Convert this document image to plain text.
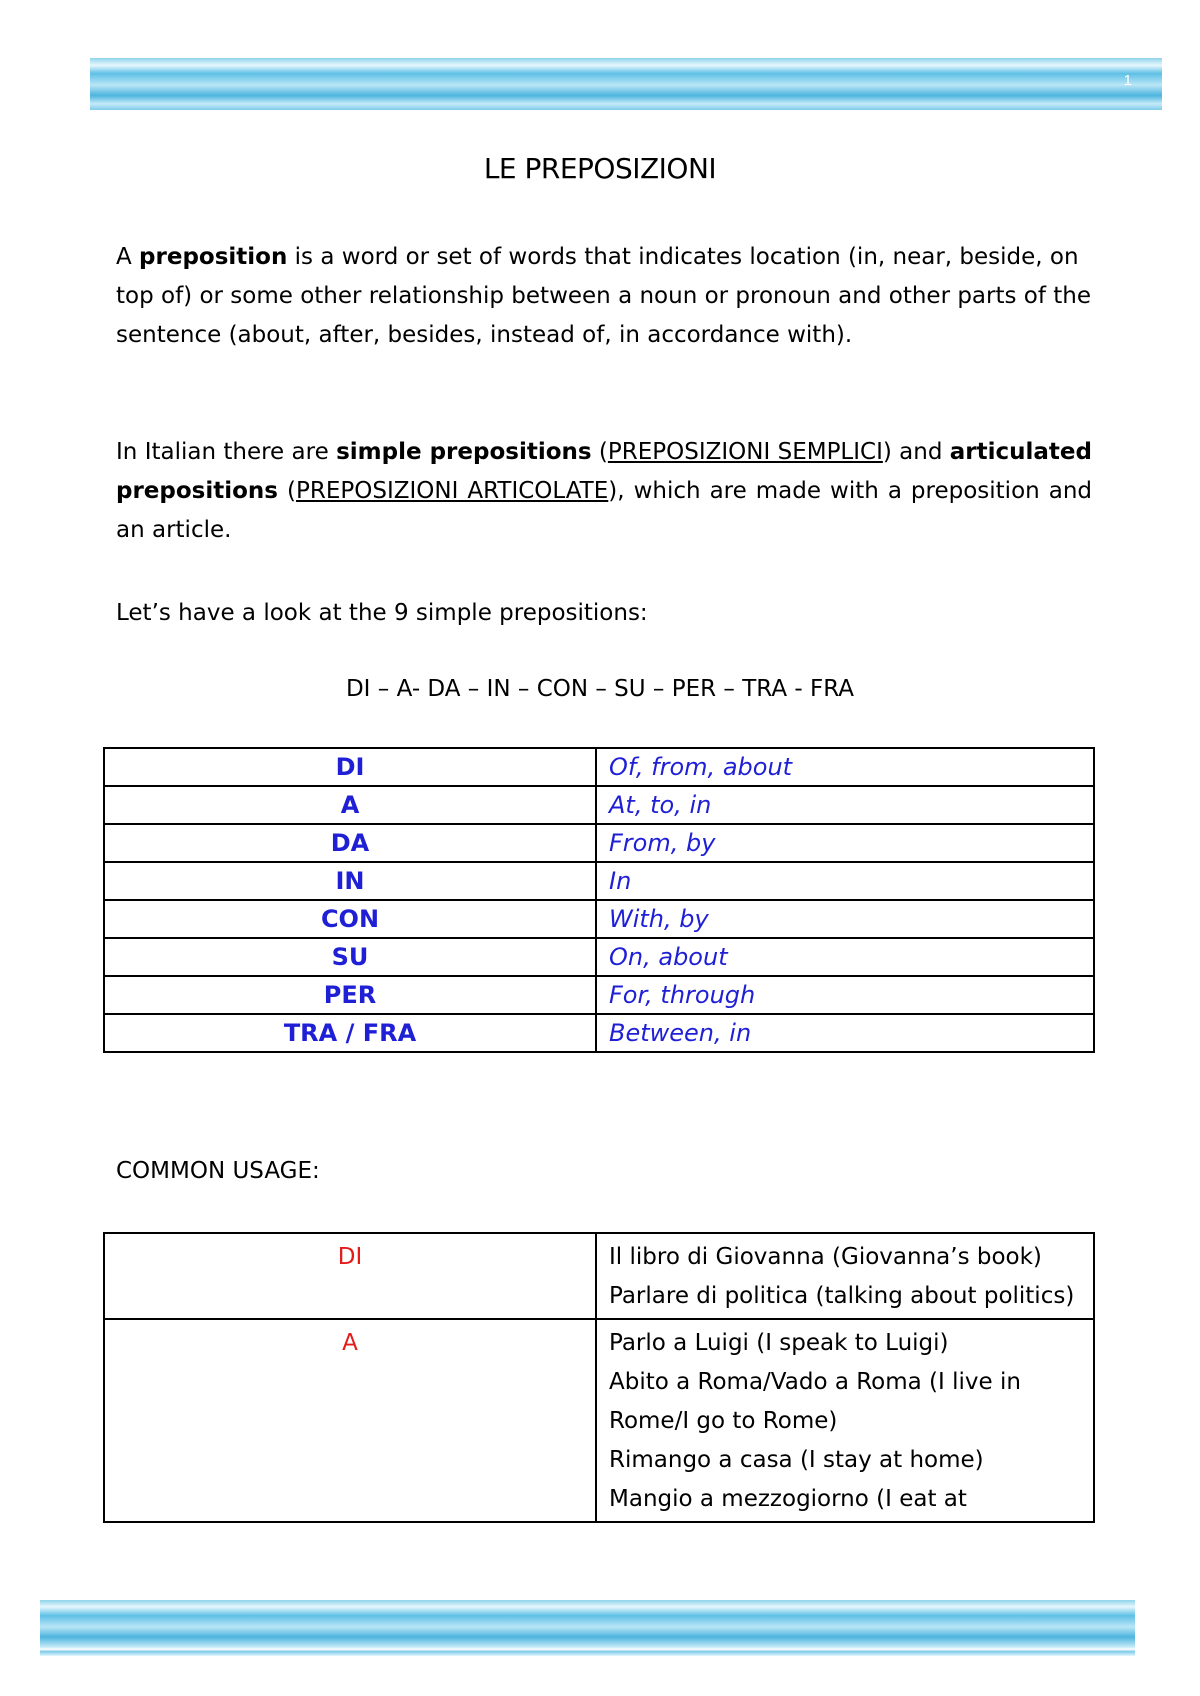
1
LE PREPOSIZIONI

A preposition is a word or set of words that indicates location (in, near, beside, on top of) or some other relationship between a noun or pronoun and other parts of the sentence (about, after, besides, instead of, in accordance with).

In Italian there are simple prepositions (PREPOSIZIONI SEMPLICI) and articulated prepositions (PREPOSIZIONI ARTICOLATE), which are made with a preposition and an article.

Let’s have a look at the 9 simple prepositions:

DI – A- DA – IN – CON – SU – PER – TRA - FRA
DI	Of, from, about
A	At, to, in
DA	From, by
IN	In
CON	With, by
SU	On, about
PER	For, through
TRA / FRA	Between, in
COMMON USAGE:
DI	Il libro di Giovanna (Giovanna’s book)
Parlare di politica (talking about politics)

A	Parlo a Luigi (I speak to Luigi)
Abito a Roma/Vado a Roma (I live in Rome/I go to Rome)
Rimango a casa (I stay at home)
Mangio a mezzogiorno (I eat at
